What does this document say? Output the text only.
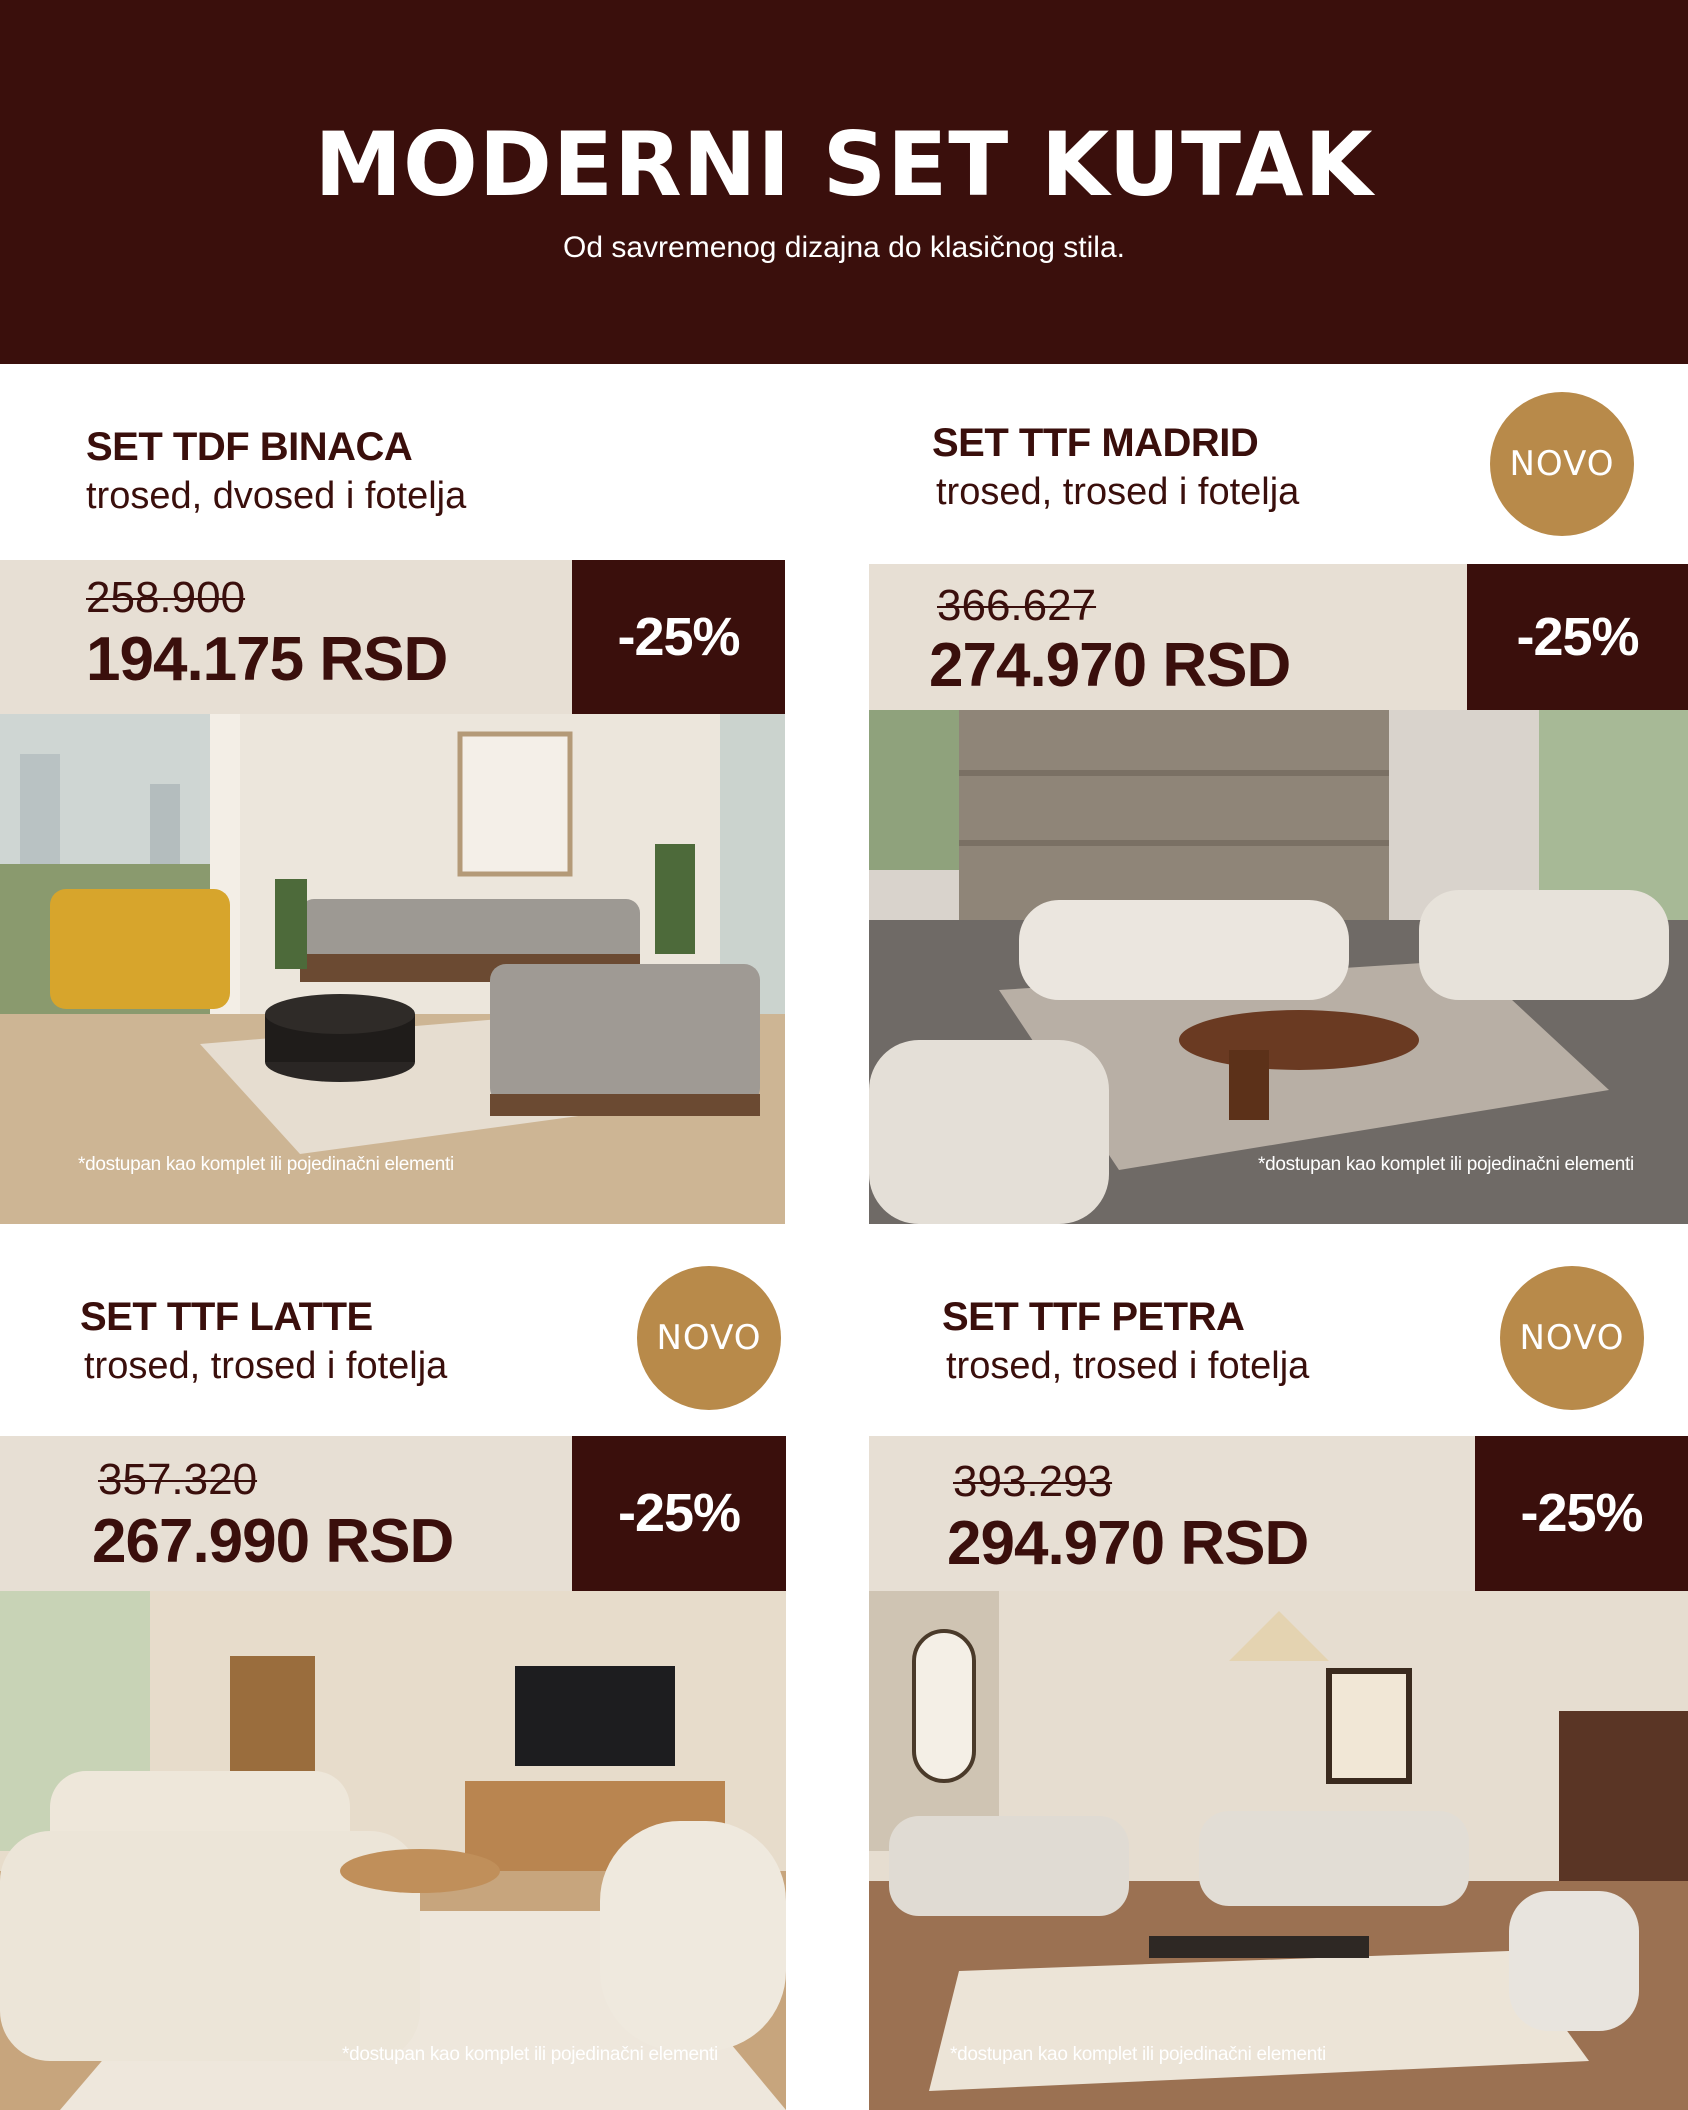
MODERNI SET KUTAK
Od savremenog dizajna do klasičnog stila.
SET TDF BINACA
trosed, dvosed i fotelja
258.900
194.175 RSD	-25%
*dostupan kao komplet ili pojedinačni elementi
SET TTF MADRID
trosed, trosed i fotelja
NOVO
366.627
274.970 RSD	-25%
*dostupan kao komplet ili pojedinačni elementi
SET TTF LATTE
trosed, trosed i fotelja
NOVO
357.320
267.990 RSD	-25%
*dostupan kao komplet ili pojedinačni elementi
SET TTF PETRA
trosed, trosed i fotelja
NOVO
393.293
294.970 RSD	-25%
*dostupan kao komplet ili pojedinačni elementi
